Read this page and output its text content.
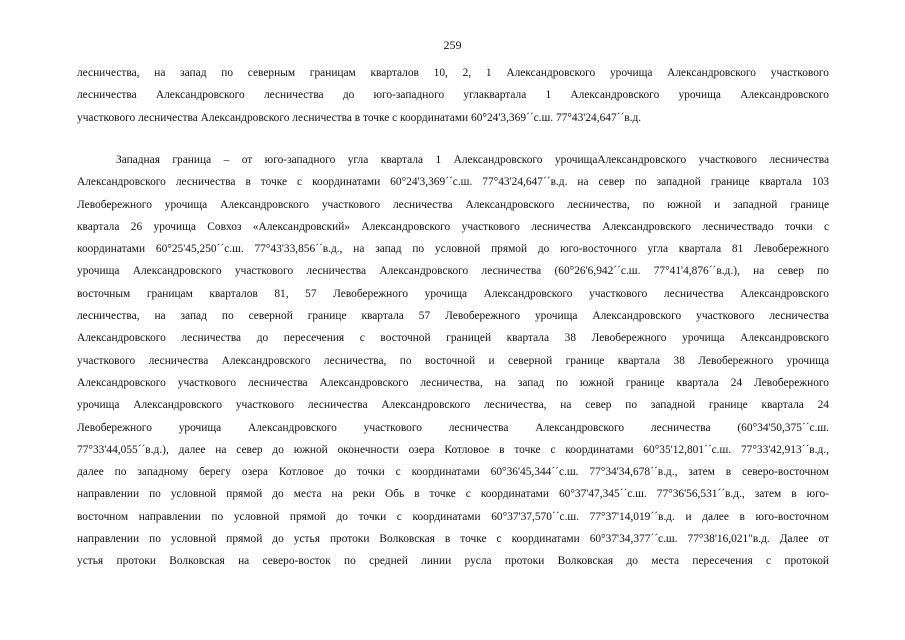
259
лесничества, на запад по северным границам кварталов 10, 2, 1 Александровского урочища Александровского участкового
лесничества Александровского лесничества до юго-западного углаквартала 1 Александровского урочища Александровского
участкового лесничества Александровского лесничества в точке с координатами 60°24'3,369´´с.ш. 77°43'24,647´´в.д.
Западная граница – от юго-западного угла квартала 1 Александровского урочищаАлександровского участкового лесничества
Александровского лесничества в точке с координатами 60°24'3,369´´с.ш. 77°43'24,647´´в.д. на север по западной границе квартала 103
Левобережного урочища Александровского участкового лесничества Александровского лесничества, по южной и западной границе
квартала 26 урочища Совхоз «Александровский» Александровского участкового лесничества Александровского лесничествадо точки с
координатами 60°25'45,250´´с.ш. 77°43'33,856´´в.д., на запад по условной прямой до юго-восточного угла квартала 81 Левобережного
урочища Александровского участкового лесничества Александровского лесничества (60°26'6,942´´с.ш. 77°41'4,876´´в.д.), на север по
восточным границам кварталов 81, 57 Левобережного урочища Александровского участкового лесничества Александровского
лесничества, на запад по северной границе квартала 57 Левобережного урочища Александровского участкового лесничества
Александровского лесничества до пересечения с восточной границей квартала 38 Левобережного урочища Александровского
участкового лесничества Александровского лесничества, по восточной и северной границе квартала 38 Левобережного урочища
Александровского участкового лесничества Александровского лесничества, на запад по южной границе квартала 24 Левобережного
урочища Александровского участкового лесничества Александровского лесничества, на север по западной границе квартала 24
Левобережного урочища Александровского участкового лесничества Александровского лесничества (60°34'50,375´´с.ш.
77°33'44,055´´в.д.), далее на север до южной оконечности озера Котловое в точке с координатами 60°35'12,801´´с.ш. 77°33'42,913´´в.д.,
далее по западному берегу озера Котловое до точки с координатами 60°36'45,344´´с.ш. 77°34'34,678´´в.д., затем в северо-восточном
направлении по условной прямой до места на реки Обь в точке с координатами 60°37'47,345´´с.ш. 77°36'56,531´´в.д., затем в юго-
восточном направлении по условной прямой до точки с координатами 60°37'37,570´´с.ш. 77°37'14,019´´в.д. и далее в юго-восточном
направлении по условной прямой до устья протоки Волковская в точке с координатами 60°37'34,377´´с.ш. 77°38'16,021"в.д. Далее от
устья протоки Волковская на северо-восток по средней линии русла протоки Волковская до места пересечения с протокой
